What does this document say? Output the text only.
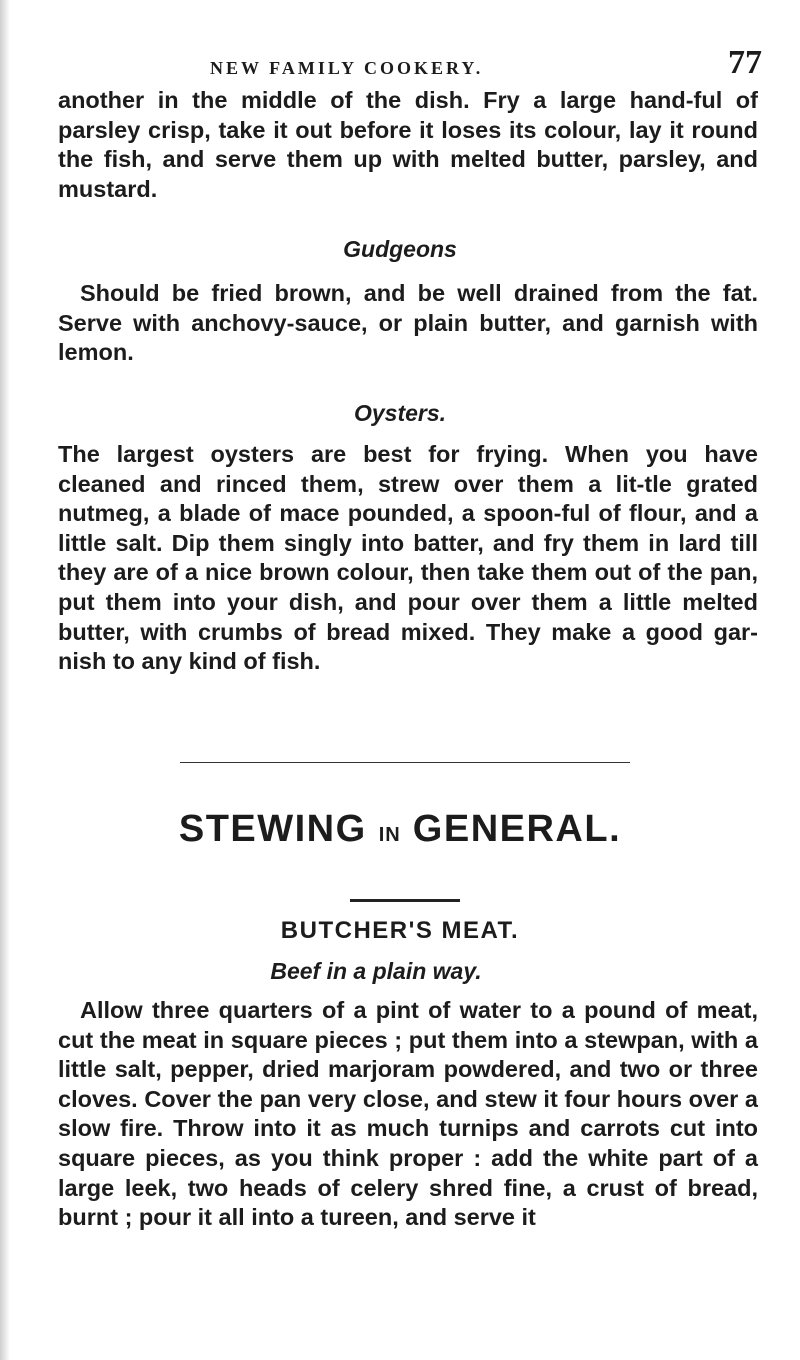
NEW FAMILY COOKERY.	77

another in the middle of the dish. Fry a large hand-ful of parsley crisp, take it out before it loses its colour, lay it round the fish, and serve them up with melted butter, parsley, and mustard.

Gudgeons

Should be fried brown, and be well drained from the fat. Serve with anchovy-sauce, or plain butter, and garnish with lemon.

Oysters.

The largest oysters are best for frying. When you have cleaned and rinced them, strew over them a lit-tle grated nutmeg, a blade of mace pounded, a spoon-ful of flour, and a little salt. Dip them singly into batter, and fry them in lard till they are of a nice brown colour, then take them out of the pan, put them into your dish, and pour over them a little melted butter, with crumbs of bread mixed. They make a good gar-nish to any kind of fish.

STEWING IN GENERAL.
BUTCHER'S MEAT.
Beef in a plain way.

Allow three quarters of a pint of water to a pound of meat, cut the meat in square pieces ; put them into a stewpan, with a little salt, pepper, dried marjoram powdered, and two or three cloves. Cover the pan very close, and stew it four hours over a slow fire. Throw into it as much turnips and carrots cut into square pieces, as you think proper : add the white part of a large leek, two heads of celery shred fine, a crust of bread, burnt ; pour it all into a tureen, and serve it
